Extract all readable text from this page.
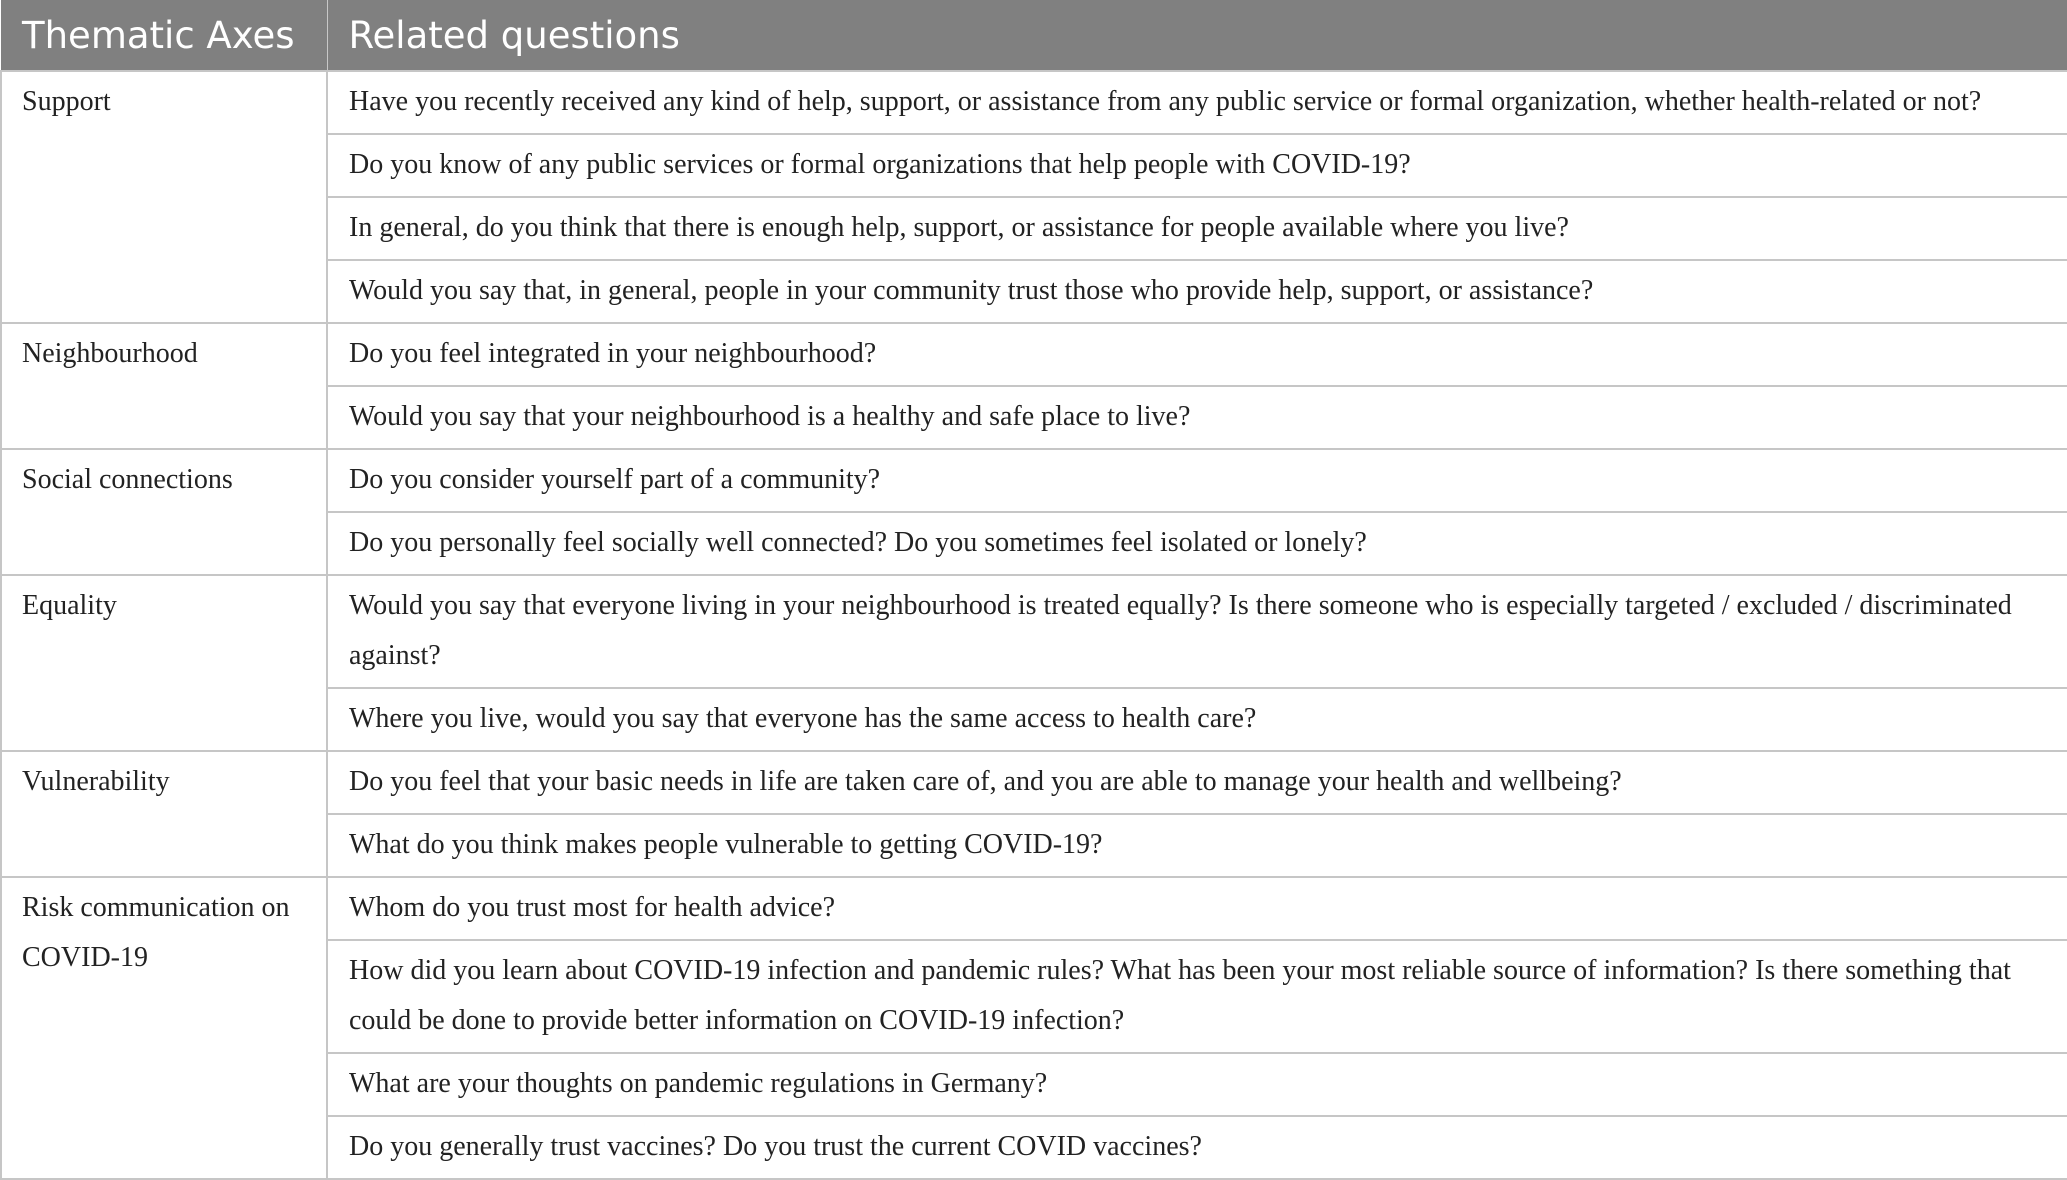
Thematic Axes	Related questions
Support	Have you recently received any kind of help, support, or assistance from any public service or formal organization, whether health-related or not?
	Do you know of any public services or formal organizations that help people with COVID-19?
	In general, do you think that there is enough help, support, or assistance for people available where you live?
	Would you say that, in general, people in your community trust those who provide help, support, or assistance?
Neighbourhood	Do you feel integrated in your neighbourhood?
	Would you say that your neighbourhood is a healthy and safe place to live?
Social connections	Do you consider yourself part of a community?
	Do you personally feel socially well connected? Do you sometimes feel isolated or lonely?
Equality	Would you say that everyone living in your neighbourhood is treated equally? Is there someone who is especially targeted / excluded / discriminated against?
	Where you live, would you say that everyone has the same access to health care?
Vulnerability	Do you feel that your basic needs in life are taken care of, and you are able to manage your health and wellbeing?
	What do you think makes people vulnerable to getting COVID-19?
Risk communication on COVID-19	Whom do you trust most for health advice?
	How did you learn about COVID-19 infection and pandemic rules? What has been your most reliable source of information? Is there something that could be done to provide better information on COVID-19 infection?
	What are your thoughts on pandemic regulations in Germany?
	Do you generally trust vaccines? Do you trust the current COVID vaccines?
